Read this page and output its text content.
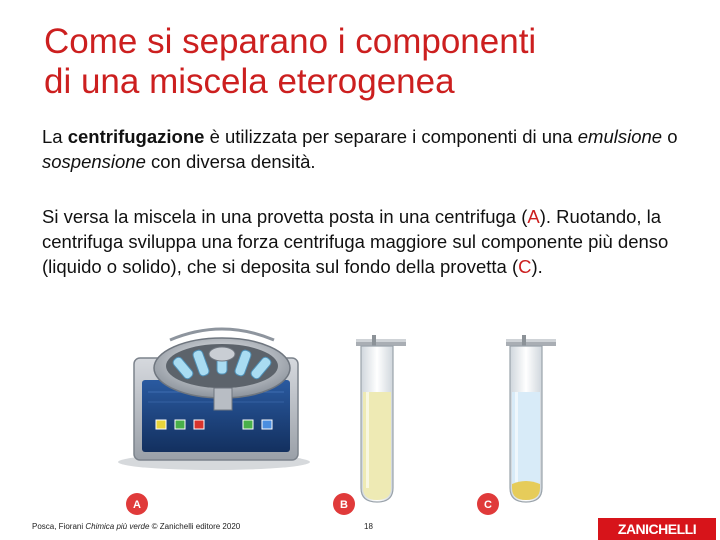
Come si separano i componenti
di una miscela eterogenea
La centrifugazione è utilizzata per separare i componenti di una emulsione o sospensione con diversa densità.
Si versa la miscela in una provetta posta in una centrifuga (A). Ruotando, la centrifuga sviluppa una forza centrifuga maggiore sul componente più denso (liquido o solido), che si deposita sul fondo della provetta (C).
A	B	C
Posca, Fiorani Chimica più verde © Zanichelli editore 2020	18	ZANICHELLI
